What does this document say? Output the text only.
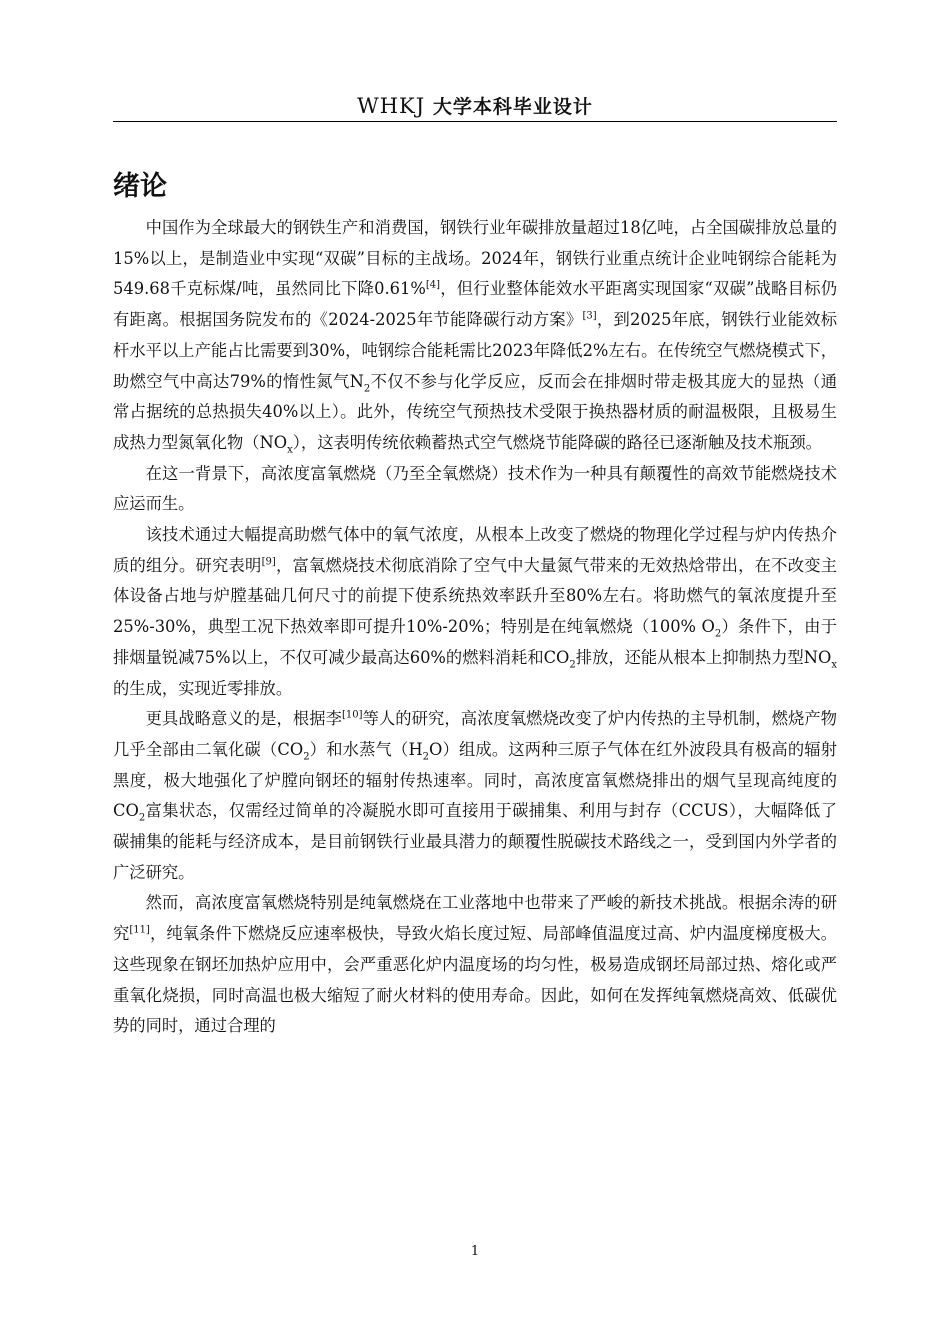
WHKJ 大学本科毕业设计
绪论

中国作为全球最大的钢铁生产和消费国，钢铁行业年碳排放量超过18亿吨，占全国碳排放总量的15%以上，是制造业中实现“双碳”目标的主战场。2024年，钢铁行业重点统计企业吨钢综合能耗为549.68千克标煤/吨，虽然同比下降0.61%[4]，但行业整体能效水平距离实现国家“双碳”战略目标仍有距离。根据国务院发布的《2024-2025年节能降碳行动方案》[3]，到2025年底，钢铁行业能效标杆水平以上产能占比需要到30%，吨钢综合能耗需比2023年降低2%左右。在传统空气燃烧模式下，助燃空气中高达79%的惰性氮气$N_2$不仅不参与化学反应，反而会在排烟时带走极其庞大的显热（通常占据统的总热损失40%以上）。此外，传统空气预热技术受限于换热器材质的耐温极限，且极易生成热力型氮氧化物$(NO_x)$，这表明传统依赖蓄热式空气燃烧节能降碳的路径已逐渐触及技术瓶颈。

在这一背景下，高浓度富氧燃烧（乃至全氧燃烧）技术作为一种具有颠覆性的高效节能燃烧技术应运而生。

该技术通过大幅提高助燃气体中的氧气浓度，从根本上改变了燃烧的物理化学过程与炉内传热介质的组分。研究表明[9]，富氧燃烧技术彻底消除了空气中大量氮气带来的无效热焓带出，在不改变主体设备占地与炉膛基础几何尺寸的前提下使系统热效率跃升至80%左右。将助燃气的氧浓度提升至25%-30%，典型工况下热效率即可提升10%-20%；特别是在纯氧燃烧（100% $O_2$）条件下，由于排烟量锐减75%以上，不仅可减少最高达60%的燃料消耗和$CO_2$排放，还能从根本上抑制热力型$NO_x$的生成，实现近零排放。

更具战略意义的是，根据李[10]等人的研究，高浓度氧燃烧改变了炉内传热的主导机制，燃烧产物几乎全部由二氧化碳$(CO_2)$和水蒸气$(H_2O)$组成。这两种三原子气体在红外波段具有极高的辐射黑度，极大地强化了炉膛向钢坯的辐射传热速率。同时，高浓度富氧燃烧排出的烟气呈现高纯度的$CO_2$富集状态，仅需经过简单的冷凝脱水即可直接用于碳捕集、利用与封存（CCUS），大幅降低了碳捕集的能耗与经济成本，是目前钢铁行业最具潜力的颠覆性脱碳技术路线之一，受到国内外学者的广泛研究。

然而，高浓度富氧燃烧特别是纯氧燃烧在工业落地中也带来了严峻的新技术挑战。根据余涛的研究[11]，纯氧条件下燃烧反应速率极快，导致火焰长度过短、局部峰值温度过高、炉内温度梯度极大。这些现象在钢坯加热炉应用中，会严重恶化炉内温度场的均匀性，极易造成钢坯局部过热、熔化或严重氧化烧损，同时高温也极大缩短了耐火材料的使用寿命。因此，如何在发挥纯氧燃烧高效、低碳优势的同时，通过合理的

1
